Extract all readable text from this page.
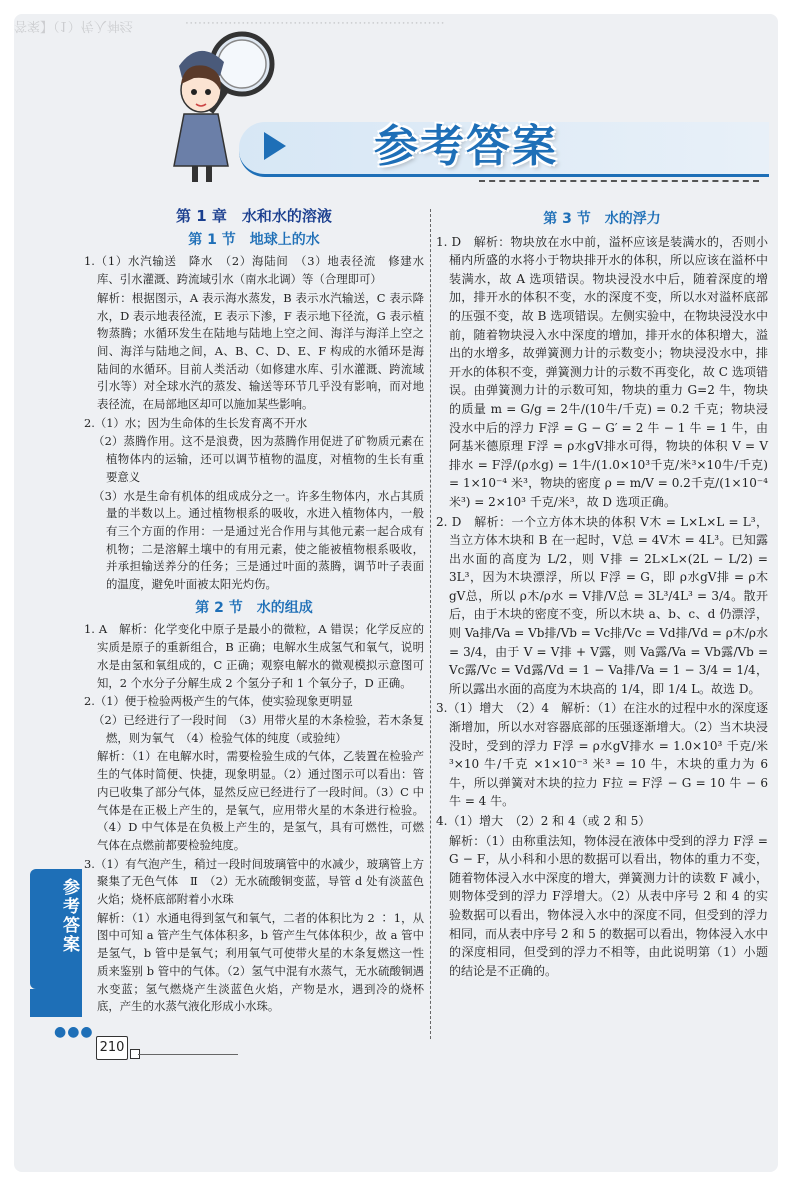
答案】（1）传入神经　　　　……………………………………………………
参考答案
第 1 章　水和水的溶液
第 1 节　地球上的水
1.（1）水汽输送　降水　（2）海陆间　（3）地表径流　修建水库、引水灌溉、跨流域引水（南水北调）等（合理即可）
解析：根据图示，A 表示海水蒸发，B 表示水汽输送，C 表示降水，D 表示地表径流，E 表示下渗，F 表示地下径流，G 表示植物蒸腾；水循环发生在陆地与陆地上空之间、海洋与海洋上空之间、海洋与陆地之间，A、B、C、D、E、F 构成的水循环是海陆间的水循环。目前人类活动（如修建水库、引水灌溉、跨流域引水等）对全球水汽的蒸发、输送等环节几乎没有影响，而对地表径流，在局部地区却可以施加某些影响。
2.（1）水；因为生命体的生长发育离不开水
（2）蒸腾作用。这不是浪费，因为蒸腾作用促进了矿物质元素在植物体内的运输，还可以调节植物的温度，对植物的生长有重要意义
（3）水是生命有机体的组成成分之一。许多生物体内，水占其质量的半数以上。通过植物根系的吸收，水进入植物体内，一般有三个方面的作用：一是通过光合作用与其他元素一起合成有机物；二是溶解土壤中的有用元素，使之能被植物根系吸收，并承担输送养分的任务；三是通过叶面的蒸腾，调节叶子表面的温度，避免叶面被太阳光灼伤。
第 2 节　水的组成
1. A　解析：化学变化中原子是最小的微粒，A 错误；化学反应的实质是原子的重新组合，B 正确；电解水生成氢气和氧气，说明水是由氢和氧组成的，C 正确；观察电解水的微观模拟示意图可知，2 个水分子分解生成 2 个氢分子和 1 个氧分子，D 正确。
2.（1）便于检验两极产生的气体，使实验现象更明显
（2）已经进行了一段时间　（3）用带火星的木条检验，若木条复燃，则为氧气　（4）检验气体的纯度（或验纯）
解析：（1）在电解水时，需要检验生成的气体，乙装置在检验产生的气体时简便、快捷，现象明显。（2）通过图示可以看出：管内已收集了部分气体，显然反应已经进行了一段时间。（3）C 中气体是在正极上产生的，是氧气，应用带火星的木条进行检验。（4）D 中气体是在负极上产生的，是氢气，具有可燃性，可燃气体在点燃前都要检验纯度。
3.（1）有气泡产生，稍过一段时间玻璃管中的水减少，玻璃管上方聚集了无色气体　Ⅱ　（2）无水硫酸铜变蓝，导管 d 处有淡蓝色火焰；烧杯底部附着小水珠
解析：（1）水通电得到氢气和氧气，二者的体积比为 2 ∶ 1，从图中可知 a 管产生气体体积多，b 管产生气体体积少，故 a 管中是氢气，b 管中是氧气；利用氧气可使带火星的木条复燃这一性质来鉴别 b 管中的气体。（2）氢气中混有水蒸气，无水硫酸铜遇水变蓝；氢气燃烧产生淡蓝色火焰，产物是水，遇到冷的烧杯底，产生的水蒸气液化形成小水珠。
第 3 节　水的浮力
1. D　解析：物块放在水中前，溢杯应该是装满水的，否则小桶内所盛的水将小于物块排开水的体积，所以应该在溢杯中装满水，故 A 选项错误。物块浸没水中后，随着深度的增加，排开水的体积不变，水的深度不变，所以水对溢杯底部的压强不变，故 B 选项错误。左侧实验中，在物块浸没水中前，随着物块浸入水中深度的增加，排开水的体积增大，溢出的水增多，故弹簧测力计的示数变小；物块浸没水中，排开水的体积不变，弹簧测力计的示数不再变化，故 C 选项错误。由弹簧测力计的示数可知，物块的重力 G=2 牛，物块的质量 m = G/g = 2牛/(10牛/千克) = 0.2 千克；物块浸没水中后的浮力 F浮 = G − G′ = 2 牛 − 1 牛 = 1 牛，由阿基米德原理 F浮 = ρ水gV排水可得，物块的体积 V = V排水 = F浮/(ρ水g) = 1牛/(1.0×10³千克/米³×10牛/千克) = 1×10⁻⁴ 米³，物块的密度 ρ = m/V = 0.2千克/(1×10⁻⁴米³) = 2×10³ 千克/米³，故 D 选项正确。
2. D　解析：一个立方体木块的体积 V木 = L×L×L = L³，当立方体木块和 B 在一起时，V总 = 4V木 = 4L³。已知露出水面的高度为 L/2，则 V排 = 2L×L×(2L − L/2) = 3L³，因为木块漂浮，所以 F浮 = G，即 ρ水gV排 = ρ木gV总，所以 ρ木/ρ水 = V排/V总 = 3L³/4L³ = 3/4。散开后，由于木块的密度不变，所以木块 a、b、c、d 仍漂浮，则 Va排/Va = Vb排/Vb = Vc排/Vc = Vd排/Vd = ρ木/ρ水 = 3/4，由于 V = V排 + V露，则 Va露/Va = Vb露/Vb = Vc露/Vc = Vd露/Vd = 1 − Va排/Va = 1 − 3/4 = 1/4，所以露出水面的高度为木块高的 1/4，即 1/4 L。故选 D。
3.（1）增大　（2）4　解析：（1）在注水的过程中水的深度逐渐增加，所以水对容器底部的压强逐渐增大。（2）当木块浸没时，受到的浮力 F浮 = ρ水gV排水 = 1.0×10³ 千克/米³×10 牛/千克 ×1×10⁻³ 米³ = 10 牛，木块的重力为 6 牛，所以弹簧对木块的拉力 F拉 = F浮 − G = 10 牛 − 6 牛 = 4 牛。
4.（1）增大　（2）2 和 4（或 2 和 5）
解析：（1）由称重法知，物体浸在液体中受到的浮力 F浮 = G − F，从小科和小思的数据可以看出，物体的重力不变，随着物体浸入水中深度的增大，弹簧测力计的读数 F 减小，则物体受到的浮力 F浮增大。（2）从表中序号 2 和 4 的实验数据可以看出，物体浸入水中的深度不同，但受到的浮力相同，而从表中序号 2 和 5 的数据可以看出，物体浸入水中的深度相同，但受到的浮力不相等，由此说明第（1）小题的结论是不正确的。
参考答案
●●●
210
